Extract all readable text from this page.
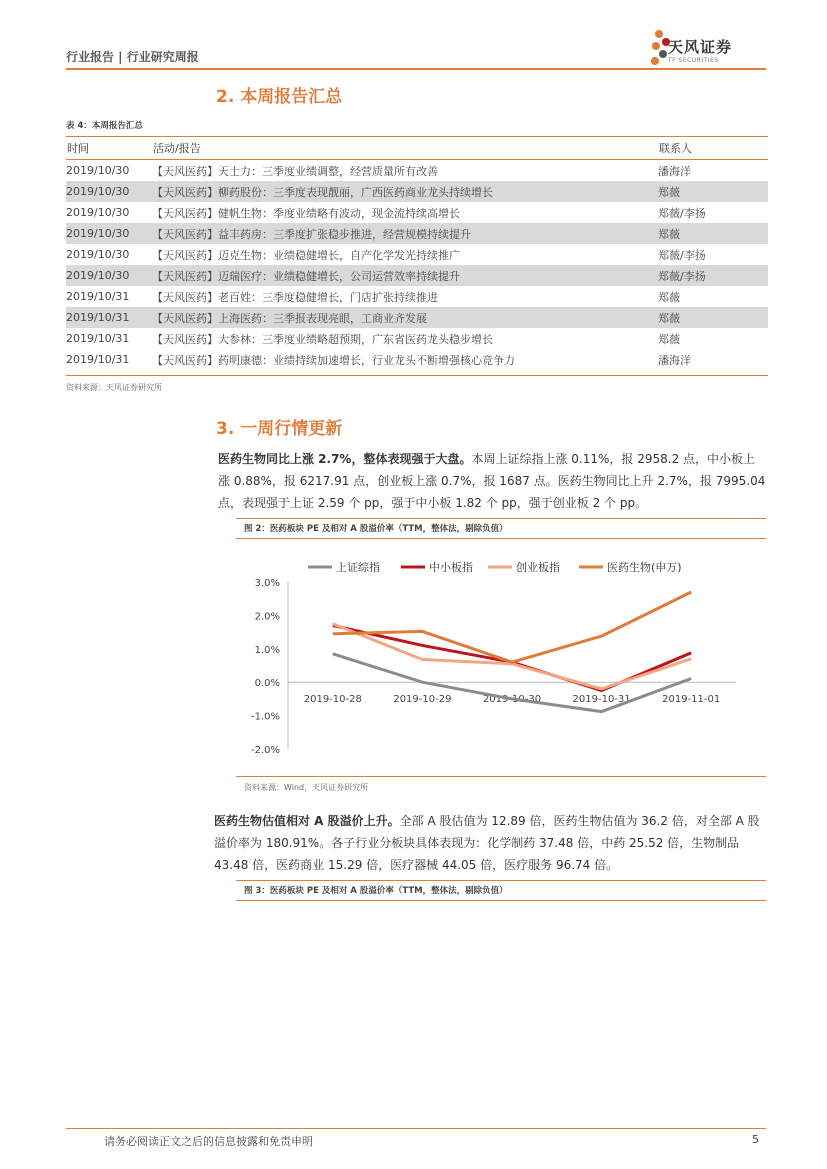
行业报告 | 行业研究周报
天风证券
TF SECURITIES
2. 本周报告汇总
表 4：本周报告汇总
时间	活动/报告	联系人
2019/10/30	【天风医药】天士力：三季度业绩调整，经营质量所有改善	潘海洋
2019/10/30	【天风医药】柳药股份：三季度表现靓丽，广西医药商业龙头持续增长	郑薇
2019/10/30	【天风医药】健帆生物：季度业绩略有波动，现金流持续高增长	郑薇/李扬
2019/10/30	【天风医药】益丰药房：三季度扩张稳步推进，经营规模持续提升	郑薇
2019/10/30	【天风医药】迈克生物：业绩稳健增长，自产化学发光持续推广	郑薇/李扬
2019/10/30	【天风医药】迈瑞医疗：业绩稳健增长，公司运营效率持续提升	郑薇/李扬
2019/10/31	【天风医药】老百姓：三季度稳健增长，门店扩张持续推进	郑薇
2019/10/31	【天风医药】上海医药：三季报表现亮眼，工商业齐发展	郑薇
2019/10/31	【天风医药】大参林：三季度业绩略超预期，广东省医药龙头稳步增长	郑薇
2019/10/31	【天风医药】药明康德：业绩持续加速增长，行业龙头不断增强核心竞争力	潘海洋
资料来源：天风证券研究所
3. 一周行情更新
医药生物同比上涨 2.7%，整体表现强于大盘。本周上证综指上涨 0.11%，报 2958.2 点，中小板上涨 0.88%，报 6217.91 点，创业板上涨 0.7%，报 1687 点。医药生物同比上升 2.7%，报 7995.04 点，表现强于上证 2.59 个 pp，强于中小板 1.82 个 pp，强于创业板 2 个 pp。
图 2：医药板块 PE 及相对 A 股溢价率（TTM，整体法，剔除负值）
上证综指	中小板指	创业板指	医药生物(申万)
3.0%
2.0%
1.0%
0.0%
-1.0%
-2.0%
2019-10-28	2019-10-29	2019-10-30	2019-10-31	2019-11-01
资料来源：Wind，天风证券研究所
医药生物估值相对 A 股溢价上升。全部 A 股估值为 12.89 倍，医药生物估值为 36.2 倍，对全部 A 股溢价率为 180.91%。各子行业分板块具体表现为：化学制药 37.48 倍，中药 25.52 倍，生物制品 43.48 倍，医药商业 15.29 倍，医疗器械 44.05 倍，医疗服务 96.74 倍。
图 3：医药板块 PE 及相对 A 股溢价率（TTM，整体法，剔除负值）
请务必阅读正文之后的信息披露和免责申明	5
